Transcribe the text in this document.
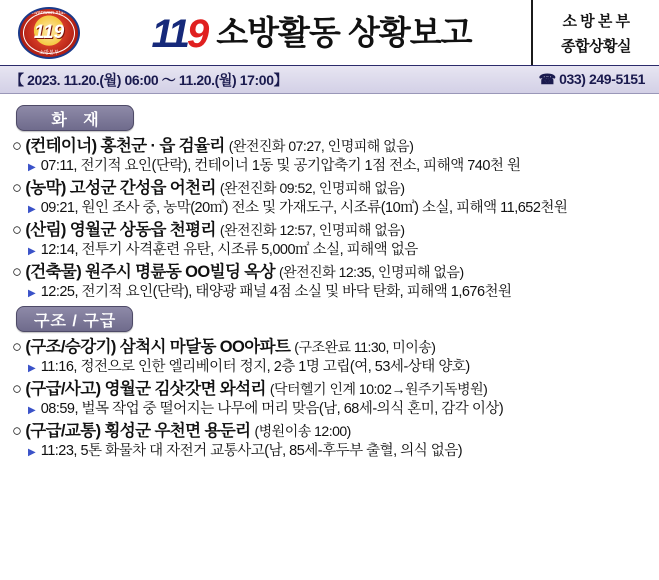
Gwanwon state
119
소방본부	119 소방활동 상황보고	소 방 본 부
종합상황실
【 2023. 11.20.(월) 06:00 ～ 11.20.(월) 17:00】	☎ 033) 249-5151
화 재
○ (컨테이너) 홍천군 · 읍 검율리 (완전진화 07:27, 인명피해 없음)
▶ 07:11, 전기적 요인(단락), 컨테이너 1동 및 공기압축기 1점 전소, 피해액 740천 원
○ (농막) 고성군 간성읍 어천리 (완전진화 09:52, 인명피해 없음)
▶ 09:21, 원인 조사 중, 농막(20㎡) 전소 및 가재도구, 시조류(10㎡) 소실, 피해액 11,652천원
○ (산림) 영월군 상동읍 천평리 (완전진화 12:57, 인명피해 없음)
▶ 12:14, 전투기 사격훈련 유탄, 시조류 5,000㎡ 소실, 피해액 없음
○ (건축물) 원주시 명륜동 OO빌딩 옥상 (완전진화 12:35, 인명피해 없음)
▶ 12:25, 전기적 요인(단락), 태양광 패널 4점 소실 및 바닥 탄화, 피해액 1,676천원
구조 / 구급
○ (구조/승강기) 삼척시 마달동 OO아파트 (구조완료 11:30, 미이송)
▶ 11:16, 정전으로 인한 엘리베이터 정지, 2층 1명 고립(여, 53세-상태 양호)
○ (구급/사고) 영월군 김삿갓면 와석리 (닥터헬기 인계 10:02→원주기독병원)
▶ 08:59, 벌목 작업 중 떨어지는 나무에 머리 맞음(남, 68세-의식 혼미, 감각 이상)
○ (구급/교통) 횡성군 우천면 용둔리 (병원이송 12:00)
▶ 11:23, 5톤 화물차 대 자전거 교통사고(남, 85세-후두부 출혈, 의식 없음)
